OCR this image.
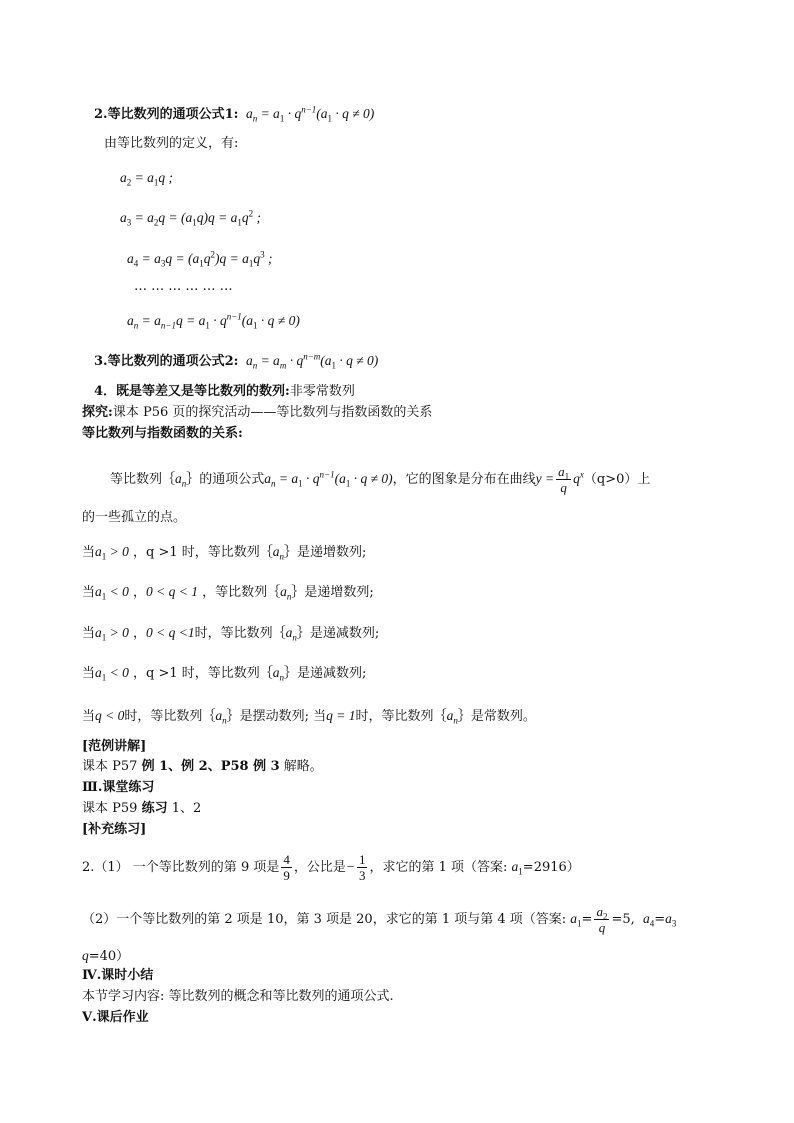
2.等比数列的通项公式1:  $a_n = a_1 \cdot q^{n-1}(a_1 \cdot q \ne 0)$
由等比数列的定义，有:
$a_2 = a_1q$ ;
$a_3 = a_2q = (a_1q)q = a_1q^2$ ;
$a_4 = a_3q = (a_1q^2)q = a_1q^3$ ;
… … … … … …
$a_n = a_{n-1}q = a_1 \cdot q^{n-1}(a_1 \cdot q \ne 0)$
3.等比数列的通项公式2:  $a_n = a_m \cdot q^{n-m}(a_1 \cdot q \ne 0)$
4．既是等差又是等比数列的数列:非零常数列
探究:课本 P56 页的探究活动——等比数列与指数函数的关系
等比数列与指数函数的关系:
等比数列$\{a_n\}$的通项公式$a_n = a_1 \cdot q^{n-1}(a_1 \cdot q \ne 0)$，它的图象是分布在曲线$y = \frac{a_1}{q} q^x(q>0)$上
的一些孤立的点。
当$a_1 > 0$ ，q >1 时，等比数列$\{a_n\}$是递增数列;
当$a_1 < 0$ ，0 < q < 1 ，等比数列$\{a_n\}$是递增数列;
当$a_1 > 0$ ，0 < q <1时，等比数列$\{a_n\}$是递减数列;
当$a_1 < 0$ ，q >1 时，等比数列$\{a_n\}$是递减数列;
当q < 0时，等比数列$\{a_n\}$是摆动数列; 当q = 1时，等比数列$\{a_n\}$是常数列。
[范例讲解]
课本 P57 例 1、例 2、P58 例 3 解略。
Ⅲ.课堂练习
课本 P59 练习 1、2
[补充练习]
2.（1） 一个等比数列的第 9 项是 $\frac{4}{9}$ ，公比是− $\frac{1}{3}$ ，求它的第 1 项（答案: $a_1=2916$）
（2）一个等比数列的第 2 项是 10，第 3 项是 20，求它的第 1 项与第 4 项（答案: $a_1= \frac{a_2}{q} =5$,  $a_4=a_3$
q=40）
Ⅳ.课时小结
本节学习内容: 等比数列的概念和等比数列的通项公式.
Ⅴ.课后作业
